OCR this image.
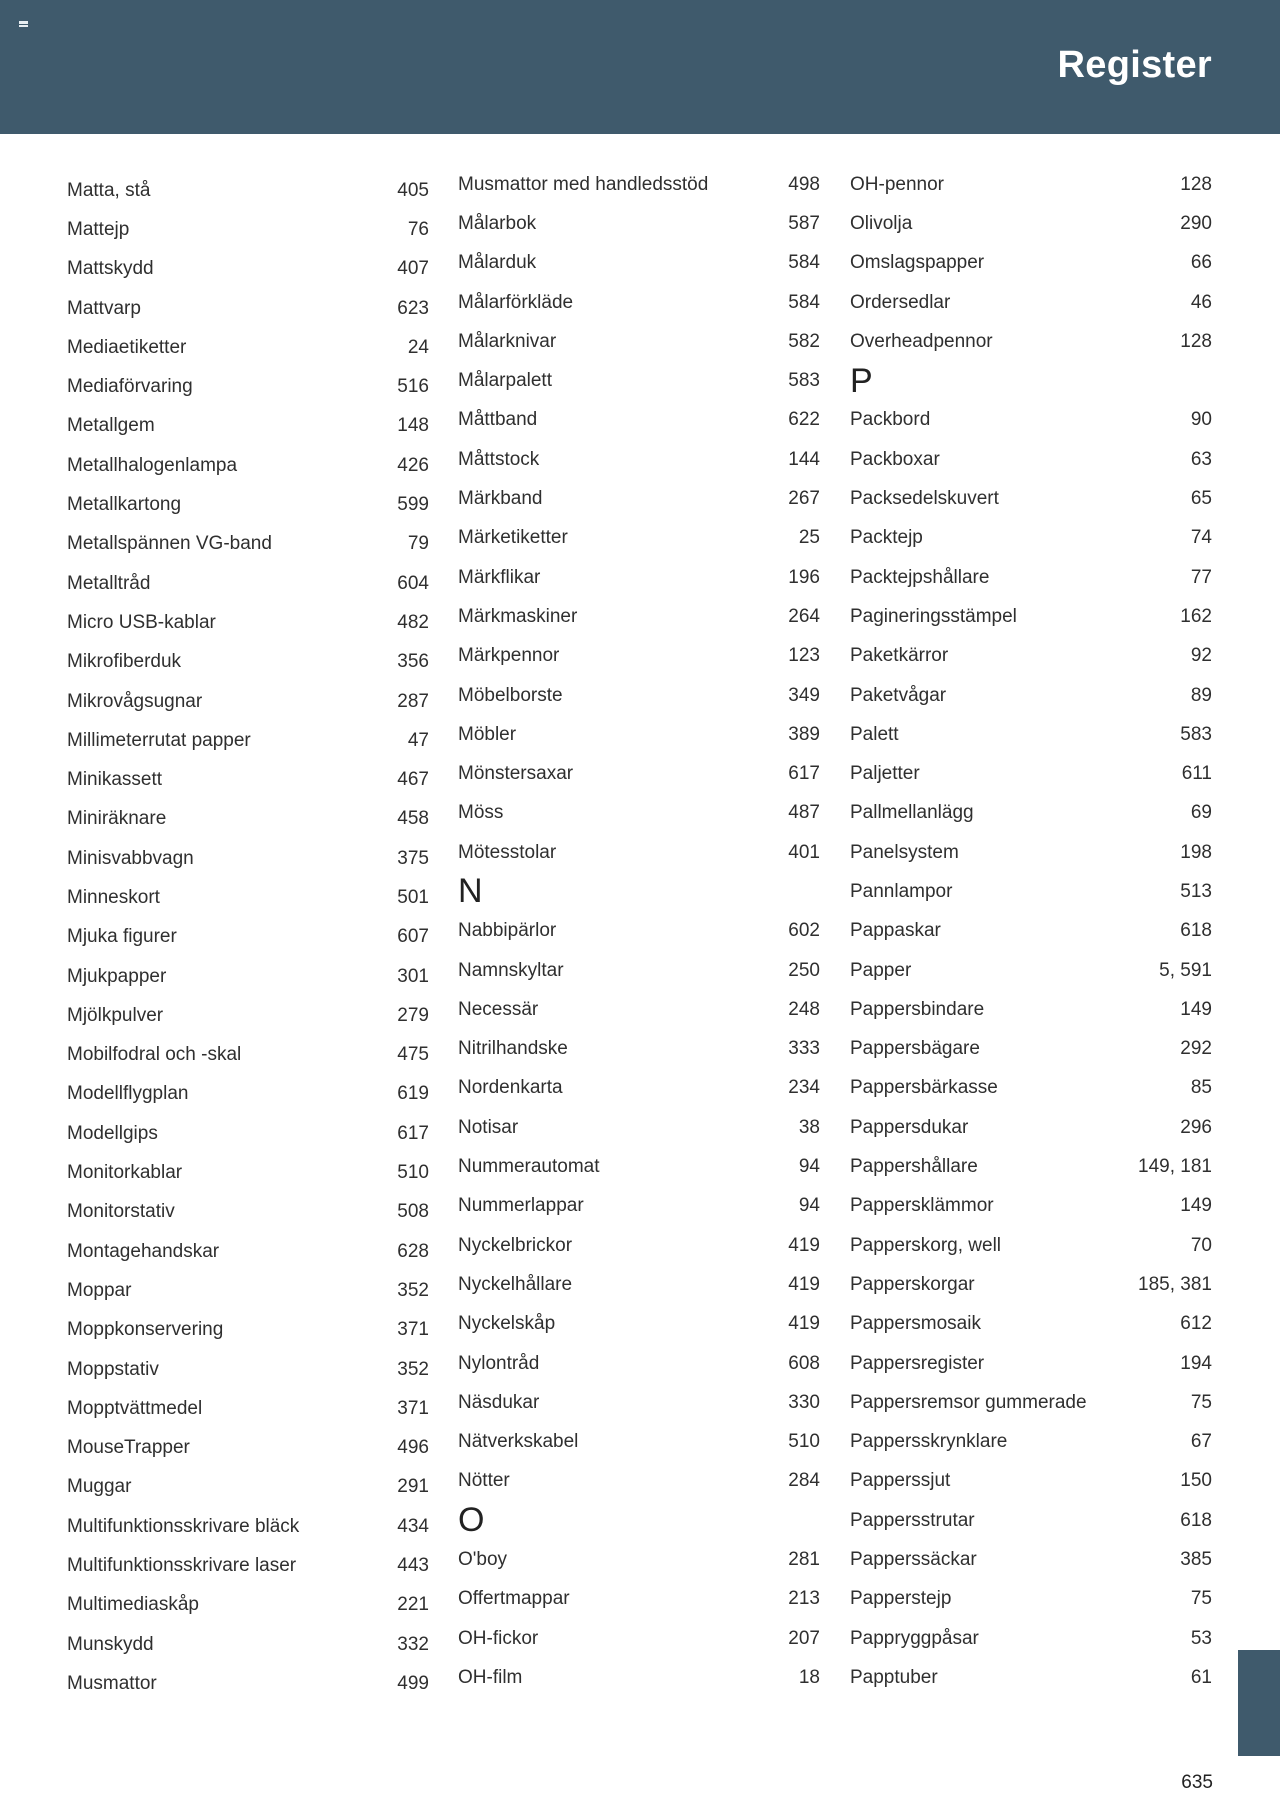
Register
Matta, stå	405
Mattejp	76
Mattskydd	407
Mattvarp	623
Mediaetiketter	24
Mediaförvaring	516
Metallgem	148
Metallhalogenlampa	426
Metallkartong	599
Metallspännen VG-band	79
Metalltråd	604
Micro USB-kablar	482
Mikrofiberduk	356
Mikrovågsugnar	287
Millimeterrutat papper	47
Minikassett	467
Miniräknare	458
Minisvabbvagn	375
Minneskort	501
Mjuka figurer	607
Mjukpapper	301
Mjölkpulver	279
Mobilfodral och -skal	475
Modellflygplan	619
Modellgips	617
Monitorkablar	510
Monitorstativ	508
Montagehandskar	628
Moppar	352
Moppkonservering	371
Moppstativ	352
Mopptvättmedel	371
MouseTrapper	496
Muggar	291
Multifunktionsskrivare bläck	434
Multifunktionsskrivare laser	443
Multimediaskåp	221
Munskydd	332
Musmattor	499
Musmattor med handledsstöd	498
Målarbok	587
Målarduk	584
Målarförkläde	584
Målarknivar	582
Målarpalett	583
Måttband	622
Måttstock	144
Märkband	267
Märketiketter	25
Märkflikar	196
Märkmaskiner	264
Märkpennor	123
Möbelborste	349
Möbler	389
Mönstersaxar	617
Möss	487
Mötesstolar	401
N
Nabbipärlor	602
Namnskyltar	250
Necessär	248
Nitrilhandske	333
Nordenkarta	234
Notisar	38
Nummerautomat	94
Nummerlappar	94
Nyckelbrickor	419
Nyckelhållare	419
Nyckelskåp	419
Nylontråd	608
Näsdukar	330
Nätverkskabel	510
Nötter	284
O
O'boy	281
Offertmappar	213
OH-fickor	207
OH-film	18
OH-pennor	128
Olivolja	290
Omslagspapper	66
Ordersedlar	46
Overheadpennor	128
P
Packbord	90
Packboxar	63
Packsedelskuvert	65
Packtejp	74
Packtejpshållare	77
Pagineringsstämpel	162
Paketkärror	92
Paketvågar	89
Palett	583
Paljetter	611
Pallmellanlägg	69
Panelsystem	198
Pannlampor	513
Pappaskar	618
Papper	5, 591
Pappersbindare	149
Pappersbägare	292
Pappersbärkasse	85
Pappersdukar	296
Pappershållare	149, 181
Pappersklämmor	149
Papperskorg, well	70
Papperskorgar	185, 381
Pappersmosaik	612
Pappersregister	194
Pappersremsor gummerade	75
Pappersskrynklare	67
Papperssjut	150
Pappersstrutar	618
Papperssäckar	385
Papperstejp	75
Pappryggpåsar	53
Papptuber	61
635
